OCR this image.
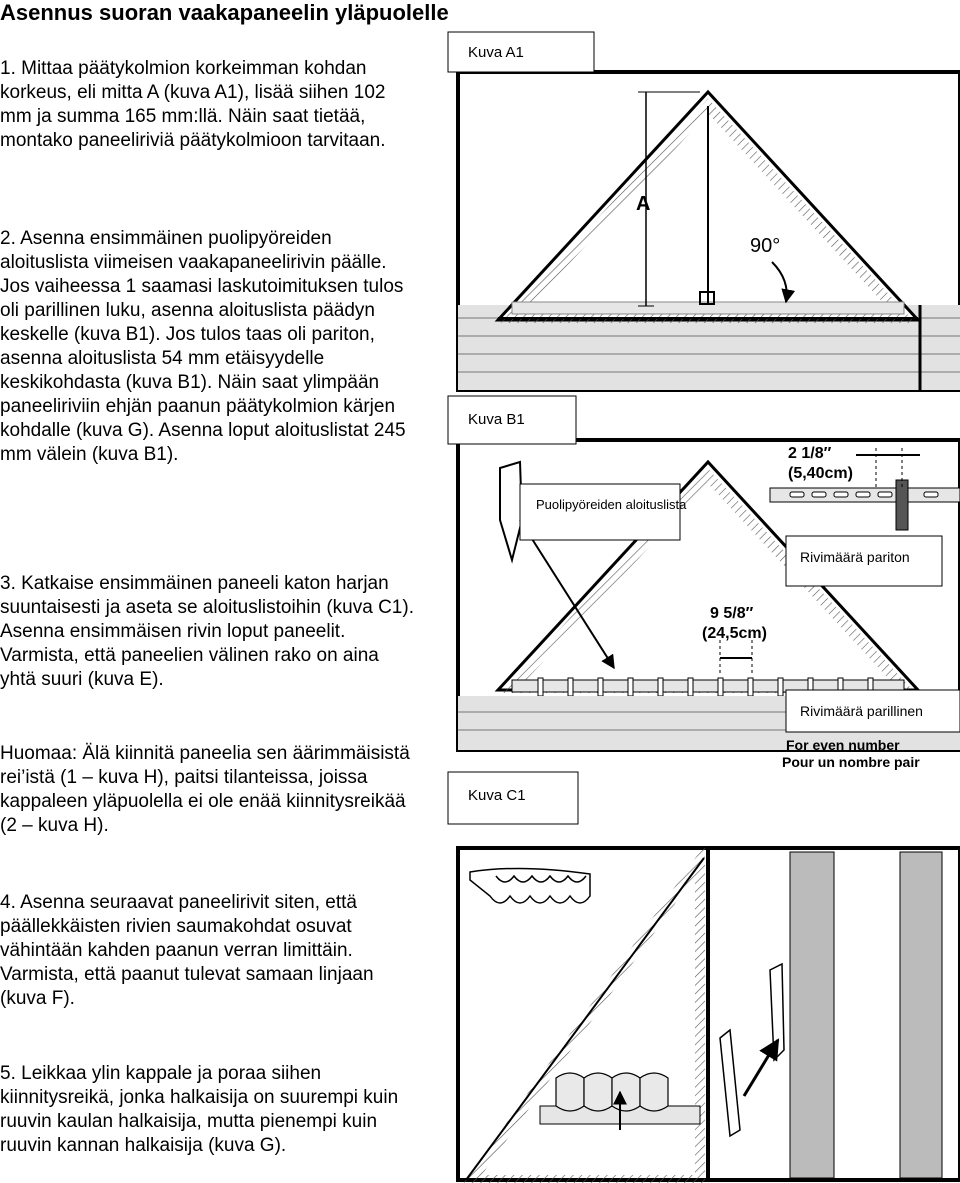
Asennus suoran vaakapaneelin yläpuolelle

1. Mittaa päätykolmion korkeimman kohdan korkeus, eli mitta A (kuva A1), lisää siihen 102 mm ja summa 165 mm:llä. Näin saat tietää, montako paneeliriviä päätykolmioon tarvitaan.

2. Asenna ensimmäinen puolipyöreiden aloituslista viimeisen vaakapaneelirivin päälle. Jos vaiheessa 1 saamasi laskutoimituksen tulos oli parillinen luku, asenna aloituslista päädyn keskelle (kuva B1). Jos tulos taas oli pariton, asenna aloituslista 54 mm etäisyydelle keskikohdasta (kuva B1). Näin saat ylimpään paneeliriviin ehjän paanun päätykolmion kärjen kohdalle (kuva G). Asenna loput aloituslistat 245 mm välein (kuva B1).

3. Katkaise ensimmäinen paneeli katon harjan suuntaisesti ja aseta se aloituslistoihin (kuva C1). Asenna ensimmäisen rivin loput paneelit. Varmista, että paneelien välinen rako on aina yhtä suuri (kuva E).

Huomaa: Älä kiinnitä paneelia sen äärimmäisistä rei’istä (1 – kuva H), paitsi tilanteissa, joissa kappaleen yläpuolella ei ole enää kiinnitysreikää (2 – kuva H).

4. Asenna seuraavat paneelirivit siten, että päällekkäisten rivien saumakohdat osuvat vähintään kahden paanun verran limittäin. Varmista, että paanut tulevat samaan linjaan (kuva F).

5. Leikkaa ylin kappale ja poraa siihen kiinnitysreikä, jonka halkaisija on suurempi kuin ruuvin kaulan halkaisija, mutta pienempi kuin ruuvin kannan halkaisija (kuva G).

A
90°
Kuva A1
2 1/8″
(5,40cm)
9 5/8″
(24,5cm)
For even number
Pour un nombre pair
Kuva B1
Puolipyöreiden aloituslista
Rivimäärä pariton
Rivimäärä parillinen
Kuva C1
